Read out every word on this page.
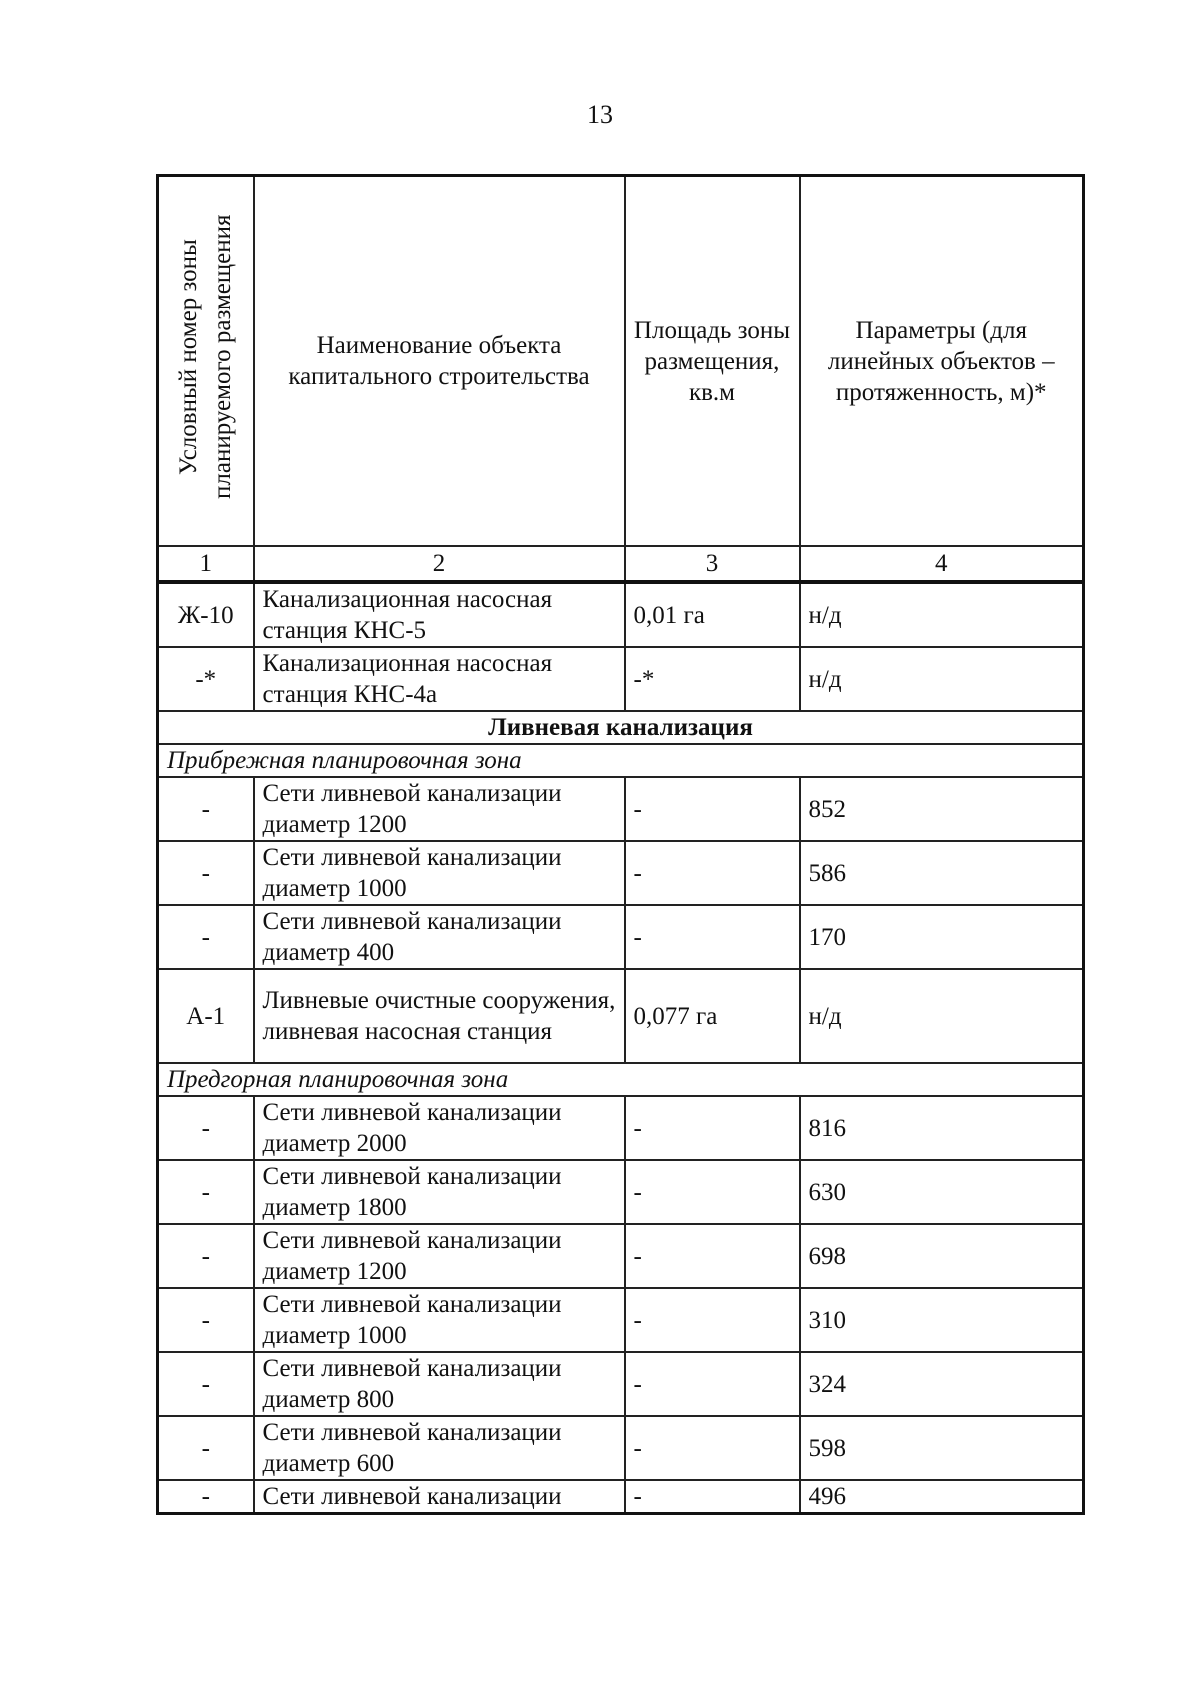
13
Условный номер зоны планируемого размещения	Наименование объекта капитального строительства	Площадь зоны размещения, кв.м	Параметры (для линейных объектов – протяженность, м)*
1	2	3	4
Ж-10	Канализационная насосная станция КНС-5	0,01 га	н/д
-*	Канализационная насосная станция КНС-4а	-*	н/д
Ливневая канализация			
Прибрежная планировочная зона			
-	Сети ливневой канализации диаметр 1200	-	852
-	Сети ливневой канализации диаметр 1000	-	586
-	Сети ливневой канализации диаметр 400	-	170
А-1	Ливневые очистные сооружения, ливневая насосная станция	0,077 га	н/д
Предгорная планировочная зона			
-	Сети ливневой канализации диаметр 2000	-	816
-	Сети ливневой канализации диаметр 1800	-	630
-	Сети ливневой канализации диаметр 1200	-	698
-	Сети ливневой канализации диаметр 1000	-	310
-	Сети ливневой канализации диаметр 800	-	324
-	Сети ливневой канализации диаметр 600	-	598
-	Сети ливневой канализации	-	496
